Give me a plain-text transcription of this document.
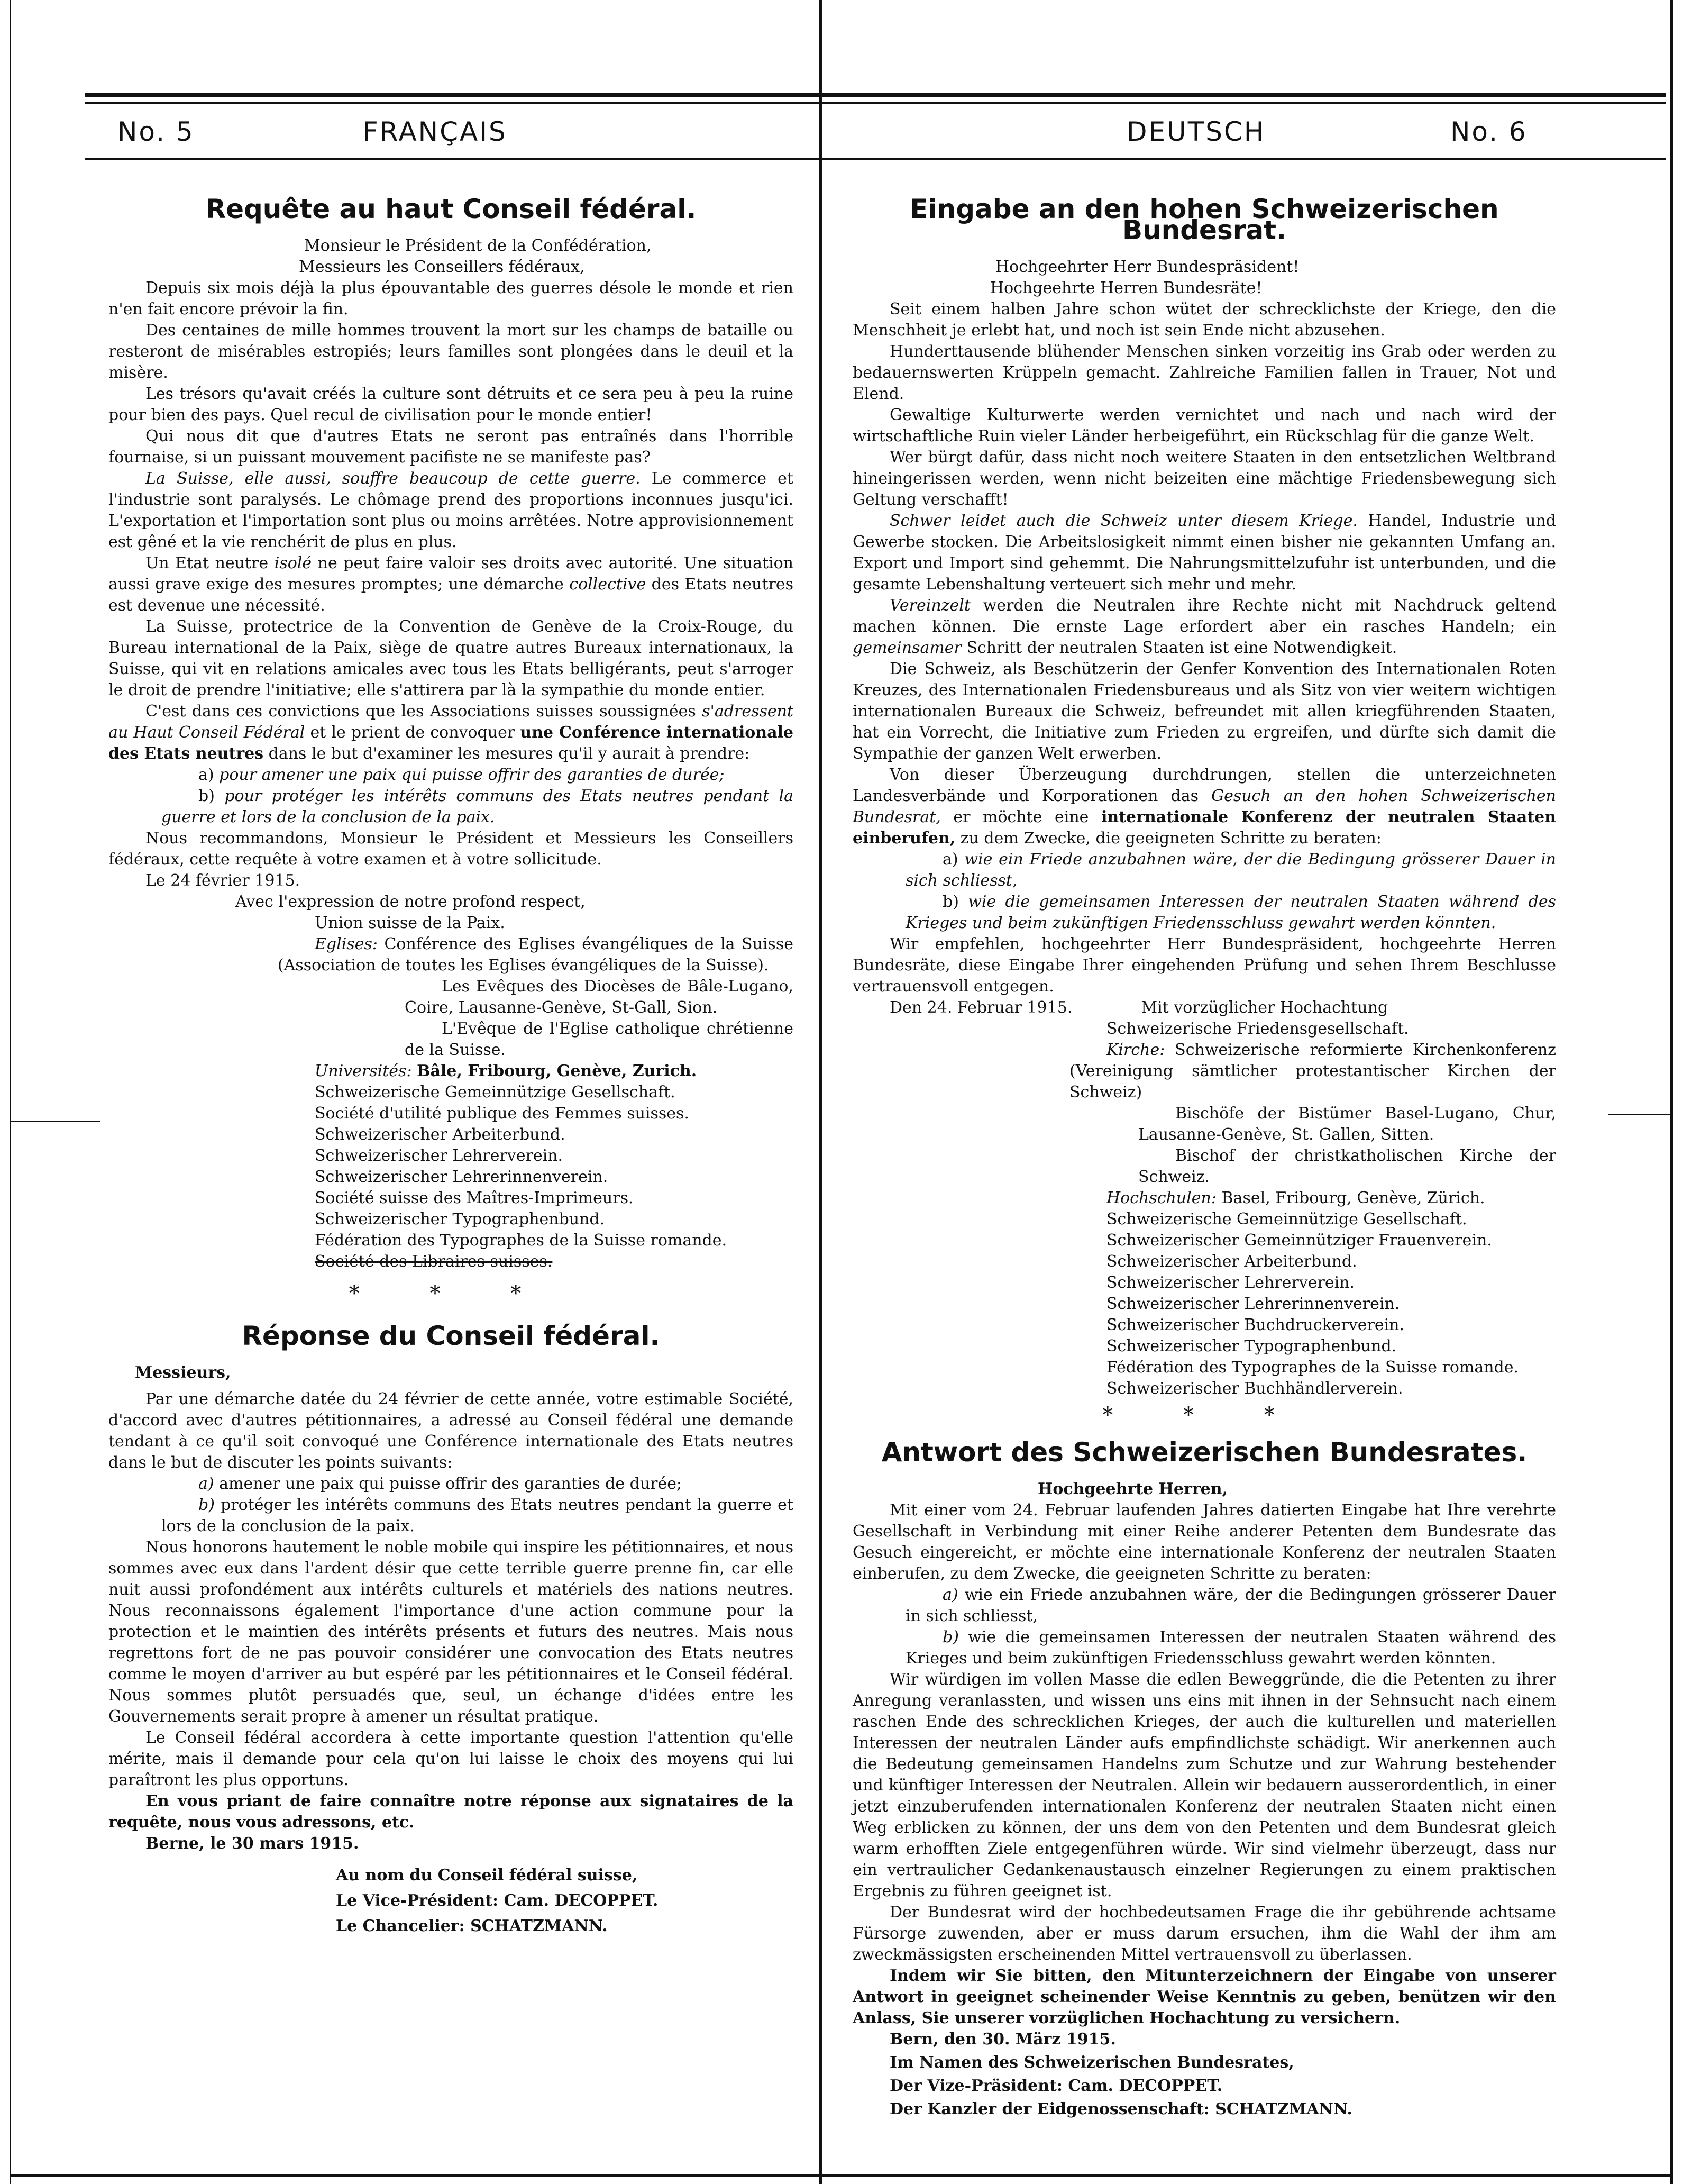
No. 5	FRANÇAIS	DEUTSCH	No. 6
Requête au haut Conseil fédéral.

Monsieur le Président de la Confédération,

Messieurs les Conseillers fédéraux,

Depuis six mois déjà la plus épouvantable des guerres désole le monde et rien n'en fait encore prévoir la fin.

Des centaines de mille hommes trouvent la mort sur les champs de bataille ou resteront de misérables estropiés; leurs familles sont plongées dans le deuil et la misère.

Les trésors qu'avait créés la culture sont détruits et ce sera peu à peu la ruine pour bien des pays. Quel recul de civilisation pour le monde entier!

Qui nous dit que d'autres Etats ne seront pas entraînés dans l'horrible fournaise, si un puissant mouvement pacifiste ne se manifeste pas?

La Suisse, elle aussi, souffre beaucoup de cette guerre. Le commerce et l'industrie sont paralysés. Le chômage prend des proportions inconnues jusqu'ici. L'exportation et l'importation sont plus ou moins arrêtées. Notre approvisionnement est gêné et la vie renchérit de plus en plus.

Un Etat neutre isolé ne peut faire valoir ses droits avec autorité. Une situation aussi grave exige des mesures promptes; une démarche collective des Etats neutres est devenue une nécessité.

La Suisse, protectrice de la Convention de Genève de la Croix-Rouge, du Bureau international de la Paix, siège de quatre autres Bureaux internationaux, la Suisse, qui vit en relations amicales avec tous les Etats belligérants, peut s'arroger le droit de prendre l'initiative; elle s'attirera par là la sympathie du monde entier.

C'est dans ces convictions que les Associations suisses soussignées s'adressent au Haut Conseil Fédéral et le prient de convoquer une Conférence internationale des Etats neutres dans le but d'examiner les mesures qu'il y aurait à prendre:

a) pour amener une paix qui puisse offrir des garanties de durée;

b) pour protéger les intérêts communs des Etats neutres pendant la guerre et lors de la conclusion de la paix.

Nous recommandons, Monsieur le Président et Messieurs les Conseillers fédéraux, cette requête à votre examen et à votre sollicitude.

Le 24 février 1915.

Avec l'expression de notre profond respect,

Union suisse de la Paix.

Eglises: Conférence des Eglises évangéliques de la Suisse (Association de toutes les Eglises évangéliques de la Suisse).

Les Evêques des Diocèses de Bâle-Lugano, Coire, Lausanne-Genève, St-Gall, Sion.

L'Evêque de l'Eglise catholique chrétienne de la Suisse.

Universités: Bâle, Fribourg, Genève, Zurich.

Schweizerische Gemeinnützige Gesellschaft.

Société d'utilité publique des Femmes suisses.

Schweizerischer Arbeiterbund.

Schweizerischer Lehrerverein.

Schweizerischer Lehrerinnenverein.

Société suisse des Maîtres-Imprimeurs.

Schweizerischer Typographenbund.

Fédération des Typographes de la Suisse romande.

Société des Libraires suisses.

* * *
Réponse du Conseil fédéral.

Messieurs,

Par une démarche datée du 24 février de cette année, votre estimable Société, d'accord avec d'autres pétitionnaires, a adressé au Conseil fédéral une demande tendant à ce qu'il soit convoqué une Conférence internationale des Etats neutres dans le but de discuter les points suivants:

a) amener une paix qui puisse offrir des garanties de durée;

b) protéger les intérêts communs des Etats neutres pendant la guerre et lors de la conclusion de la paix.

Nous honorons hautement le noble mobile qui inspire les pétitionnaires, et nous sommes avec eux dans l'ardent désir que cette terrible guerre prenne fin, car elle nuit aussi profondément aux intérêts culturels et matériels des nations neutres. Nous reconnaissons également l'importance d'une action commune pour la protection et le maintien des intérêts présents et futurs des neutres. Mais nous regrettons fort de ne pas pouvoir considérer une convocation des Etats neutres comme le moyen d'arriver au but espéré par les pétitionnaires et le Conseil fédéral. Nous sommes plutôt persuadés que, seul, un échange d'idées entre les Gouvernements serait propre à amener un résultat pratique.

Le Conseil fédéral accordera à cette importante question l'attention qu'elle mérite, mais il demande pour cela qu'on lui laisse le choix des moyens qui lui paraîtront les plus opportuns.

En vous priant de faire connaître notre réponse aux signataires de la requête, nous vous adressons, etc.

Berne, le 30 mars 1915.

Au nom du Conseil fédéral suisse,

Le Vice-Président: Cam. DECOPPET.

Le Chancelier: SCHATZMANN.

Eingabe an den hohen Schweizerischen Bundesrat.

Hochgeehrter Herr Bundespräsident!

Hochgeehrte Herren Bundesräte!

Seit einem halben Jahre schon wütet der schrecklichste der Kriege, den die Menschheit je erlebt hat, und noch ist sein Ende nicht abzusehen.

Hunderttausende blühender Menschen sinken vorzeitig ins Grab oder werden zu bedauernswerten Krüppeln gemacht. Zahlreiche Familien fallen in Trauer, Not und Elend.

Gewaltige Kulturwerte werden vernichtet und nach und nach wird der wirtschaftliche Ruin vieler Länder herbeigeführt, ein Rückschlag für die ganze Welt.

Wer bürgt dafür, dass nicht noch weitere Staaten in den entsetzlichen Weltbrand hineingerissen werden, wenn nicht beizeiten eine mächtige Friedensbewegung sich Geltung verschafft!

Schwer leidet auch die Schweiz unter diesem Kriege. Handel, Industrie und Gewerbe stocken. Die Arbeitslosigkeit nimmt einen bisher nie gekannten Umfang an. Export und Import sind gehemmt. Die Nahrungsmittelzufuhr ist unterbunden, und die gesamte Lebenshaltung verteuert sich mehr und mehr.

Vereinzelt werden die Neutralen ihre Rechte nicht mit Nachdruck geltend machen können. Die ernste Lage erfordert aber ein rasches Handeln; ein gemeinsamer Schritt der neutralen Staaten ist eine Notwendigkeit.

Die Schweiz, als Beschützerin der Genfer Konvention des Internationalen Roten Kreuzes, des Internationalen Friedensbureaus und als Sitz von vier weitern wichtigen internationalen Bureaux die Schweiz, befreundet mit allen kriegführenden Staaten, hat ein Vorrecht, die Initiative zum Frieden zu ergreifen, und dürfte sich damit die Sympathie der ganzen Welt erwerben.

Von dieser Überzeugung durchdrungen, stellen die unterzeichneten Landesverbände und Korporationen das Gesuch an den hohen Schweizerischen Bundesrat, er möchte eine internationale Konferenz der neutralen Staaten einberufen, zu dem Zwecke, die geeigneten Schritte zu beraten:

a) wie ein Friede anzubahnen wäre, der die Bedingung grösserer Dauer in sich schliesst,

b) wie die gemeinsamen Interessen der neutralen Staaten während des Krieges und beim zukünftigen Friedensschluss gewahrt werden könnten.

Wir empfehlen, hochgeehrter Herr Bundespräsident, hochgeehrte Herren Bundesräte, diese Eingabe Ihrer eingehenden Prüfung und sehen Ihrem Beschlusse vertrauensvoll entgegen.

Den 24. Februar 1915.	Mit vorzüglicher Hochachtung

Schweizerische Friedensgesellschaft.

Kirche: Schweizerische reformierte Kirchenkonferenz (Vereinigung sämtlicher protestantischer Kirchen der Schweiz)

Bischöfe der Bistümer Basel-Lugano, Chur, Lausanne-Genève, St. Gallen, Sitten.

Bischof der christkatholischen Kirche der Schweiz.

Hochschulen: Basel, Fribourg, Genève, Zürich.

Schweizerische Gemeinnützige Gesellschaft.

Schweizerischer Gemeinnütziger Frauenverein.

Schweizerischer Arbeiterbund.

Schweizerischer Lehrerverein.

Schweizerischer Lehrerinnenverein.

Schweizerischer Buchdruckerverein.

Schweizerischer Typographenbund.

Fédération des Typographes de la Suisse romande.

Schweizerischer Buchhändlerverein.

* * *
Antwort des Schweizerischen Bundesrates.

Hochgeehrte Herren,

Mit einer vom 24. Februar laufenden Jahres datierten Eingabe hat Ihre verehrte Gesellschaft in Verbindung mit einer Reihe anderer Petenten dem Bundesrate das Gesuch eingereicht, er möchte eine internationale Konferenz der neutralen Staaten einberufen, zu dem Zwecke, die geeigneten Schritte zu beraten:

a) wie ein Friede anzubahnen wäre, der die Bedingungen grösserer Dauer in sich schliesst,

b) wie die gemeinsamen Interessen der neutralen Staaten während des Krieges und beim zukünftigen Friedensschluss gewahrt werden könnten.

Wir würdigen im vollen Masse die edlen Beweggründe, die die Petenten zu ihrer Anregung veranlassten, und wissen uns eins mit ihnen in der Sehnsucht nach einem raschen Ende des schrecklichen Krieges, der auch die kulturellen und materiellen Interessen der neutralen Länder aufs empfindlichste schädigt. Wir anerkennen auch die Bedeutung gemeinsamen Handelns zum Schutze und zur Wahrung bestehender und künftiger Interessen der Neutralen. Allein wir bedauern ausserordentlich, in einer jetzt einzuberufenden internationalen Konferenz der neutralen Staaten nicht einen Weg erblicken zu können, der uns dem von den Petenten und dem Bundesrat gleich warm erhofften Ziele entgegenführen würde. Wir sind vielmehr überzeugt, dass nur ein vertraulicher Gedankenaustausch einzelner Regierungen zu einem praktischen Ergebnis zu führen geeignet ist.

Der Bundesrat wird der hochbedeutsamen Frage die ihr gebührende achtsame Fürsorge zuwenden, aber er muss darum ersuchen, ihm die Wahl der ihm am zweckmässigsten erscheinenden Mittel vertrauensvoll zu überlassen.

Indem wir Sie bitten, den Mitunterzeichnern der Eingabe von unserer Antwort in geeignet scheinender Weise Kenntnis zu geben, benützen wir den Anlass, Sie unserer vorzüglichen Hochachtung zu versichern.

Bern, den 30. März 1915.

Im Namen des Schweizerischen Bundesrates,

Der Vize-Präsident: Cam. DECOPPET.

Der Kanzler der Eidgenossenschaft: SCHATZMANN.
